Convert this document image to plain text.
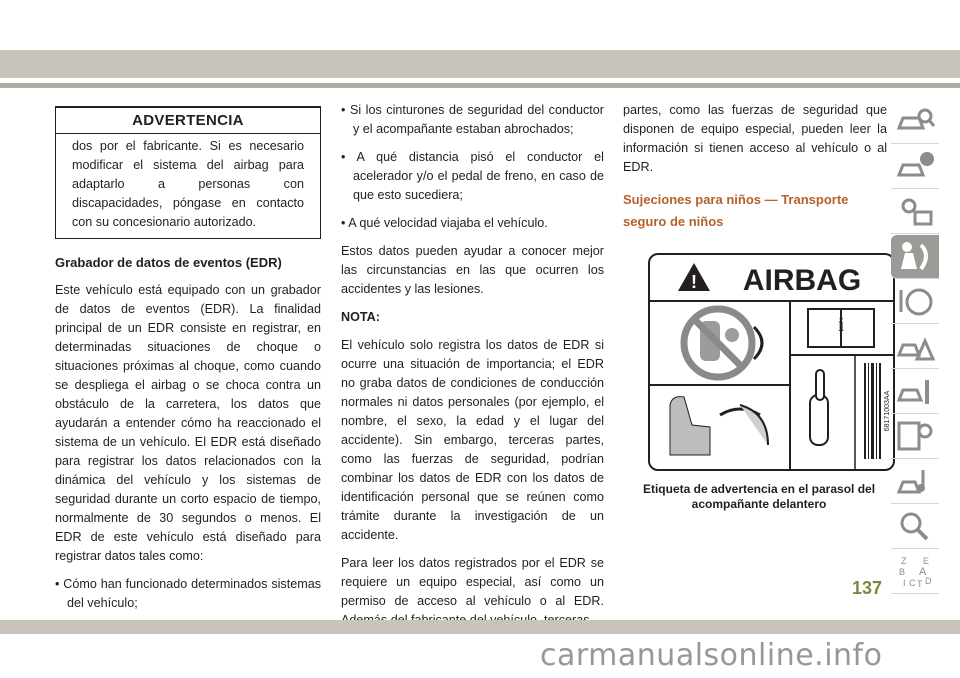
ADVERTENCIA
dos por el fabricante. Si es necesario modificar el sistema del airbag para adaptarlo a personas con discapacidades, póngase en contacto con su concesionario autorizado.
Grabador de datos de eventos (EDR)

Este vehículo está equipado con un grabador de datos de eventos (EDR). La finalidad principal de un EDR consiste en registrar, en determinadas situaciones de choque o situaciones próximas al choque, como cuando se despliega el airbag o se choca contra un obstáculo de la carretera, los datos que ayudarán a entender cómo ha reaccionado el sistema de un vehículo. El EDR está diseñado para registrar los datos relacionados con la dinámica del vehículo y los sistemas de seguridad durante un corto espacio de tiempo, normalmente de 30 segundos o menos. El EDR de este vehículo está diseñado para registrar datos tales como:

• Cómo han funcionado determinados sistemas del vehículo;

• Si los cinturones de seguridad del conductor y el acompañante estaban abrochados;

• A qué distancia pisó el conductor el acelerador y/o el pedal de freno, en caso de que esto sucediera;

• A qué velocidad viajaba el vehículo.

Estos datos pueden ayudar a conocer mejor las circunstancias en las que ocurren los accidentes y las lesiones.

NOTA:

El vehículo solo registra los datos de EDR si ocurre una situación de importancia; el EDR no graba datos de condiciones de conducción normales ni datos personales (por ejemplo, el nombre, el sexo, la edad y el lugar del accidente). Sin embargo, terceras partes, como las fuerzas de seguridad, podrían combinar los datos de EDR con los datos de identificación personal que se reúnen como trámite durante la investigación de un accidente.

Para leer los datos registrados por el EDR se requiere un equipo especial, así como un permiso de acceso al vehículo o al EDR.

partes, como las fuerzas de seguridad que disponen de equipo especial, pueden leer la información si tienen acceso al vehículo o al EDR.

Sujeciones para niños — Transporte seguro de niños
! AIRBAG
i
68171003AA
Etiqueta de advertencia en el parasol del acompañante delantero
Z E
B A
I C D
T
137
carmanualsonline.info
